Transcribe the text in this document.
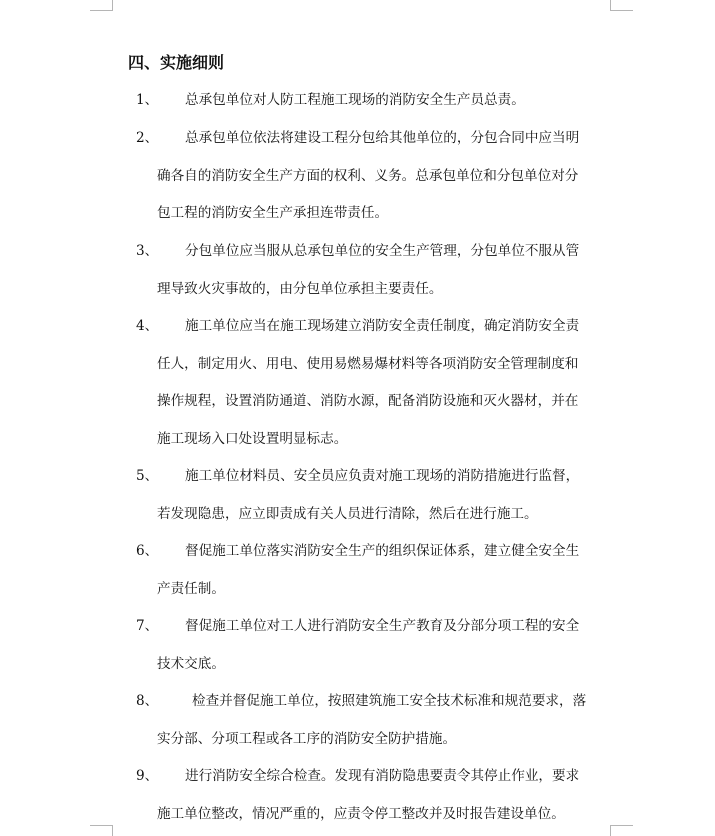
四、实施细则
1、	总承包单位对人防工程施工现场的消防安全生产员总责。
2、	总承包单位依法将建设工程分包给其他单位的，分包合同中应当明
确各自的消防安全生产方面的权利、义务。总承包单位和分包单位对分
包工程的消防安全生产承担连带责任。
3、	分包单位应当服从总承包单位的安全生产管理，分包单位不服从管
理导致火灾事故的，由分包单位承担主要责任。
4、	施工单位应当在施工现场建立消防安全责任制度，确定消防安全责
任人，制定用火、用电、使用易燃易爆材料等各项消防安全管理制度和
操作规程，设置消防通道、消防水源，配备消防设施和灭火器材，并在
施工现场入口处设置明显标志。
5、	施工单位材料员、安全员应负责对施工现场的消防措施进行监督，
若发现隐患，应立即责成有关人员进行清除，然后在进行施工。
6、	督促施工单位落实消防安全生产的组织保证体系，建立健全安全生
产责任制。
7、	督促施工单位对工人进行消防安全生产教育及分部分项工程的安全
技术交底。
8、	检查并督促施工单位，按照建筑施工安全技术标准和规范要求，落
实分部、分项工程或各工序的消防安全防护措施。
9、	进行消防安全综合检查。发现有消防隐患要责令其停止作业，要求
施工单位整改，情况严重的，应责令停工整改并及时报告建设单位。
